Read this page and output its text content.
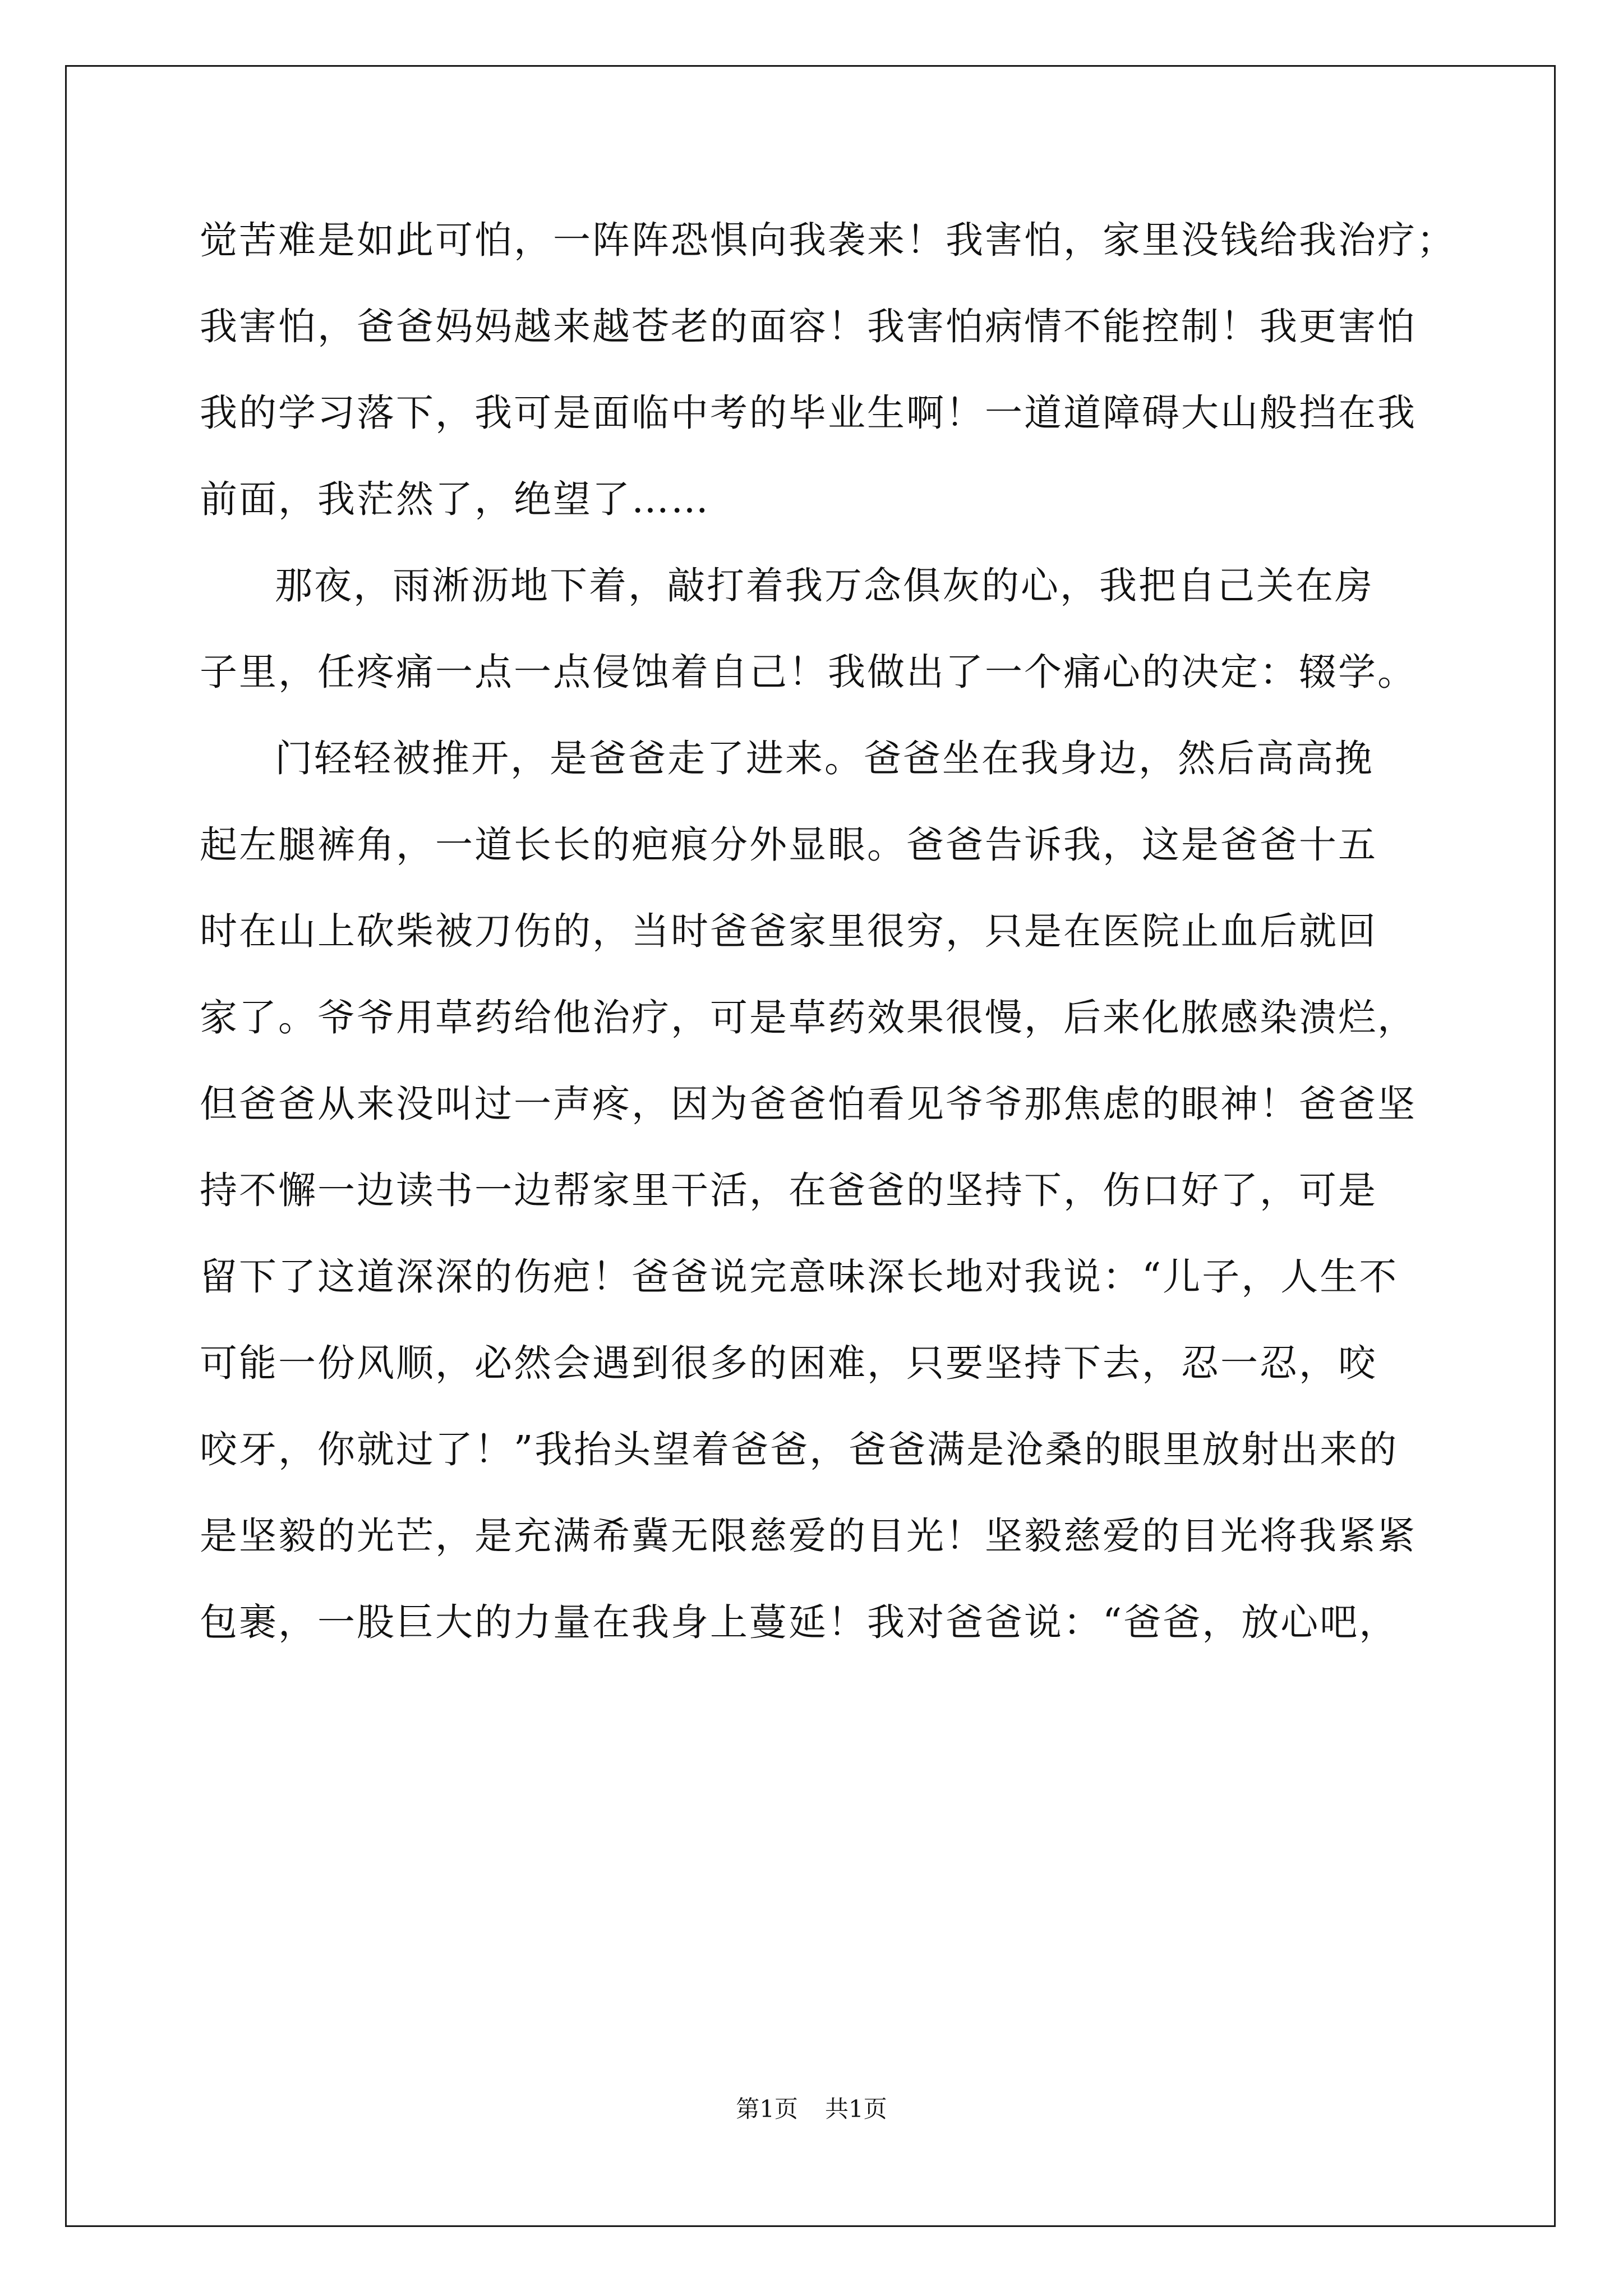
觉苦难是如此可怕，一阵阵恐惧向我袭来！我害怕，家里没钱给我治疗；
我害怕，爸爸妈妈越来越苍老的面容！我害怕病情不能控制！我更害怕
我的学习落下，我可是面临中考的毕业生啊！一道道障碍大山般挡在我
前面，我茫然了，绝望了……
那夜，雨淅沥地下着，敲打着我万念俱灰的心，我把自己关在房
子里，任疼痛一点一点侵蚀着自己！我做出了一个痛心的决定：辍学。
门轻轻被推开，是爸爸走了进来。爸爸坐在我身边，然后高高挽
起左腿裤角，一道长长的疤痕分外显眼。爸爸告诉我，这是爸爸十五
时在山上砍柴被刀伤的，当时爸爸家里很穷，只是在医院止血后就回
家了。爷爷用草药给他治疗，可是草药效果很慢，后来化脓感染溃烂，
但爸爸从来没叫过一声疼，因为爸爸怕看见爷爷那焦虑的眼神！爸爸坚
持不懈一边读书一边帮家里干活，在爸爸的坚持下，伤口好了，可是
留下了这道深深的伤疤！爸爸说完意味深长地对我说：“儿子，人生不
可能一份风顺，必然会遇到很多的困难，只要坚持下去，忍一忍，咬
咬牙，你就过了！”我抬头望着爸爸，爸爸满是沧桑的眼里放射出来的
是坚毅的光芒，是充满希冀无限慈爱的目光！坚毅慈爱的目光将我紧紧
包裹，一股巨大的力量在我身上蔓延！我对爸爸说：“爸爸，放心吧，
第1页 共1页
